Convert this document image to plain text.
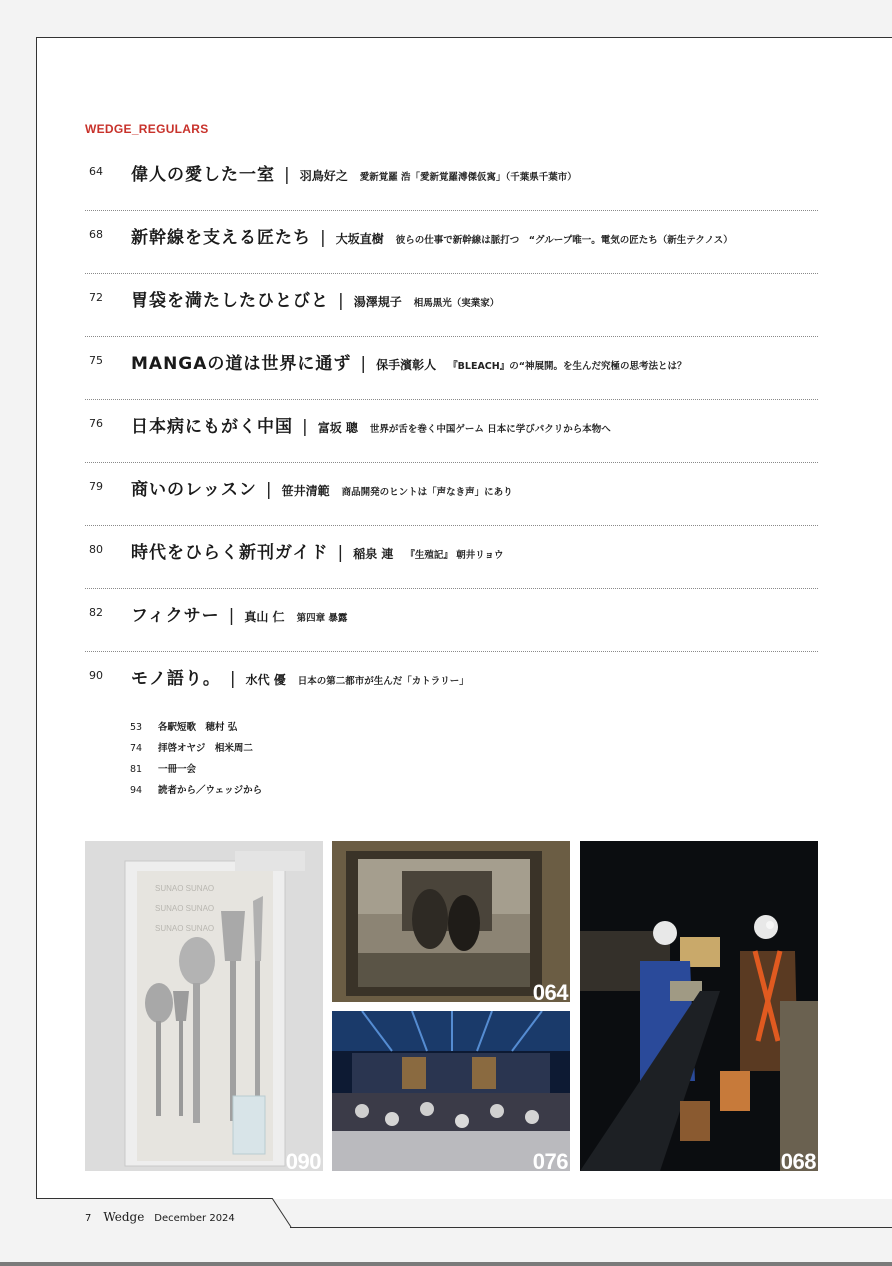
WEDGE_REGULARS
64 偉人の愛した一室 | 羽鳥好之 愛新覚羅 浩「愛新覚羅溥傑仮寓」（千葉県千葉市）
68 新幹線を支える匠たち | 大坂直樹 彼らの仕事で新幹線は脈打つ　“グループ唯一。電気の匠たち（新生テクノス）
72 胃袋を満たしたひとびと | 湯澤規子 相馬黒光（実業家）
75 MANGAの道は世界に通ず | 保手濱彰人 『BLEACH』の“神展開。を生んだ究極の思考法とは？
76 日本病にもがく中国 | 富坂 聰 世界が舌を巻く中国ゲーム 日本に学びパクリから本物へ
79 商いのレッスン | 笹井清範 商品開発のヒントは「声なき声」にあり
80 時代をひらく新刊ガイド | 稲泉 連 『生殖記』 朝井リョウ
82 フィクサー | 真山 仁 第四章 暴露
90 モノ語り。 | 水代 優 日本の第二都市が生んだ「カトラリー」
53 各駅短歌　穂村 弘
74 拝啓オヤジ　相米周二
81 一冊一会
94 読者から／ウェッジから
SUNAO SUNAO
SUNAO SUNAO
SUNAO SUNAO
090
064
076	068
7 Wedge December 2024
